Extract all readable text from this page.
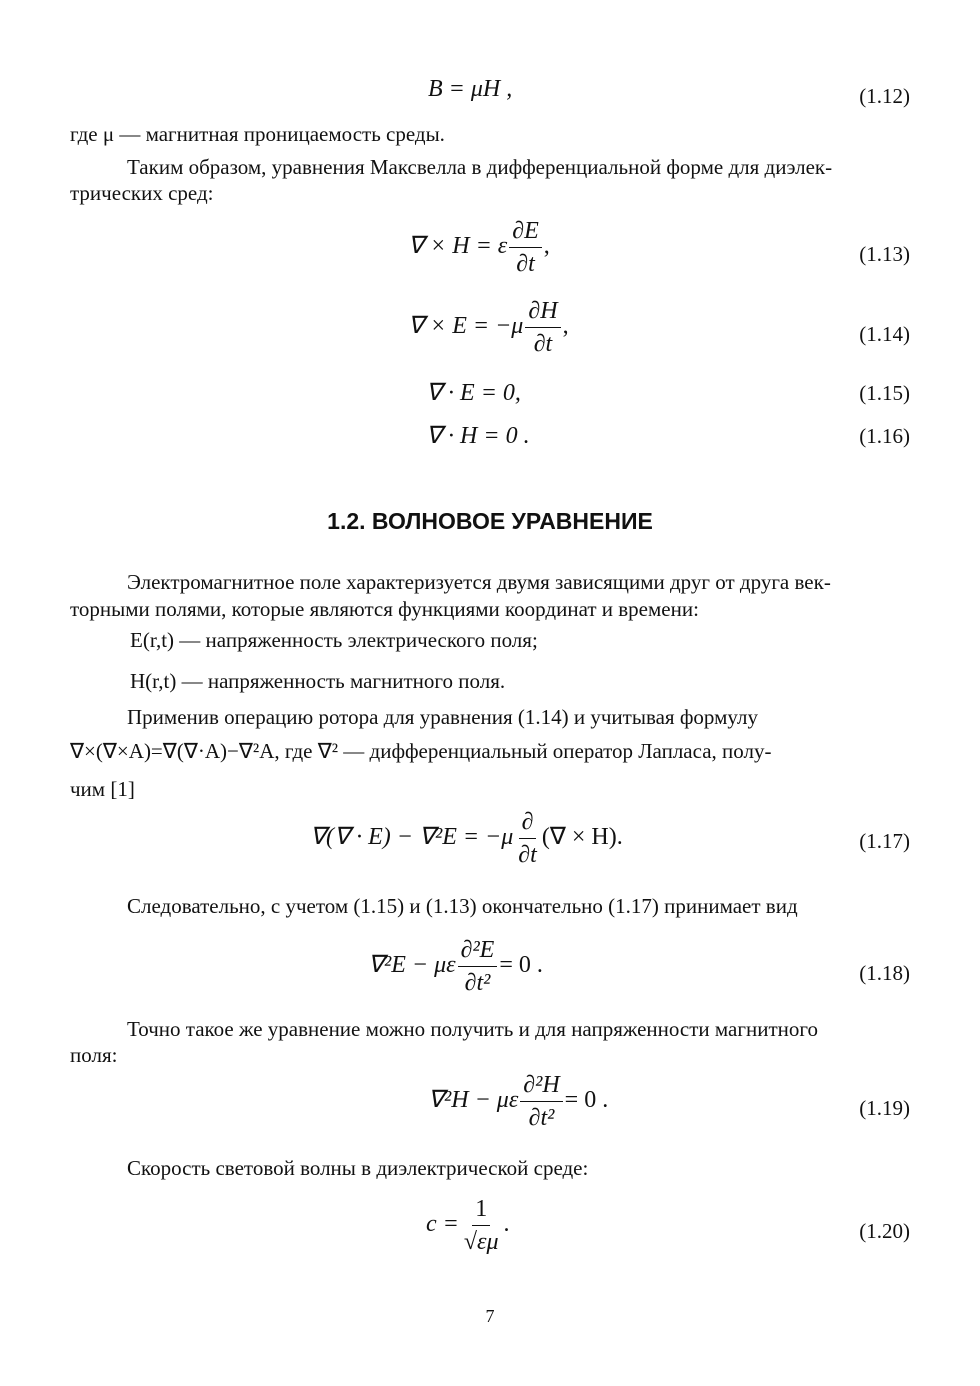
B = μH ,	(1.12)
где μ — магнитная проницаемость среды.
Таким образом, уравнения Максвелла в дифференциальной форме для диэлек-
трических сред:
∇ × H = ε $\frac{\partial E}{\partial t}$ ,	(1.13)
∇ × $E = -\mu \frac{\partial H}{\partial t}$ ,	(1.14)
∇ · E = 0,	(1.15)
∇ · H = 0 .	(1.16)
1.2. ВОЛНОВОЕ УРАВНЕНИЕ
Электромагнитное поле характеризуется двумя зависящими друг от друга век-
торными полями, которые являются функциями координат и времени:
E(r,t) — напряженность электрического поля;
H(r,t) — напряженность магнитного поля.
Применив операцию ротора для уравнения (1.14) и учитывая формулу
∇×(∇×A)=∇(∇·A)−∇²A, где ∇² — дифференциальный оператор Лапласа, полу-
чим [1]
∇(∇ · $E) - \nabla^2E = -\mu \frac{\partial}{\partial t}$ (∇ × H).	(1.17)
Следовательно, с учетом (1.15) и (1.13) окончательно (1.17) принимает вид
∇²E − με $\frac{\text{∂²E}}{\text{∂t²}} = 0$ .	(1.18)
Точно такое же уравнение можно получить и для напряженности магнитного
поля:
∇²H − με $\frac{\text{∂²H}}{\text{∂t²}} = 0$ .	(1.19)
Скорость световой волны в диэлектрической среде:
$c = \frac{1}{√\varepsilon\mu}$ .	(1.20)
7
